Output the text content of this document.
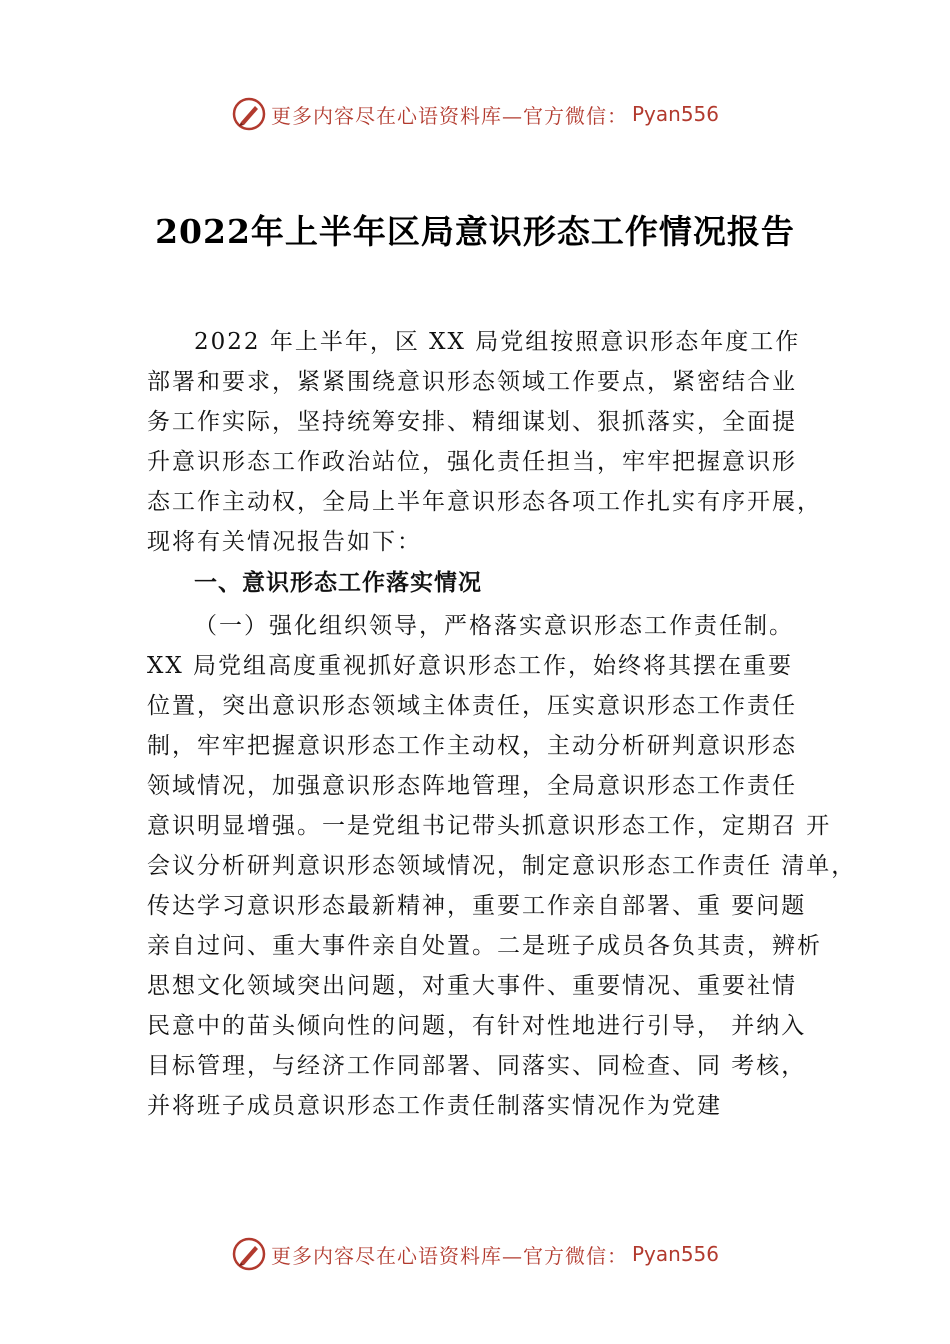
更多内容尽在心语资料库—官方微信： Pyan556
2022年上半年区局意识形态工作情况报告
2022 年上半年，区 XX 局党组按照意识形态年度工作
部署和要求，紧紧围绕意识形态领域工作要点，紧密结合业
务工作实际，坚持统筹安排、精细谋划、狠抓落实，全面提
升意识形态工作政治站位，强化责任担当，牢牢把握意识形
态工作主动权，全局上半年意识形态各项工作扎实有序开展，
现将有关情况报告如下：
一、意识形态工作落实情况
（一）强化组织领导，严格落实意识形态工作责任制。
XX 局党组高度重视抓好意识形态工作，始终将其摆在重要
位置，突出意识形态领域主体责任，压实意识形态工作责任
制，牢牢把握意识形态工作主动权，主动分析研判意识形态
领域情况，加强意识形态阵地管理，全局意识形态工作责任
意识明显增强。一是党组书记带头抓意识形态工作，定期召 开
会议分析研判意识形态领域情况，制定意识形态工作责任 清单，
传达学习意识形态最新精神，重要工作亲自部署、重 要问题
亲自过问、重大事件亲自处置。二是班子成员各负其责，辨析
思想文化领域突出问题，对重大事件、重要情况、重要社情
民意中的苗头倾向性的问题，有针对性地进行引导， 并纳入
目标管理，与经济工作同部署、同落实、同检查、同 考核，
并将班子成员意识形态工作责任制落实情况作为党建
更多内容尽在心语资料库—官方微信： Pyan556
